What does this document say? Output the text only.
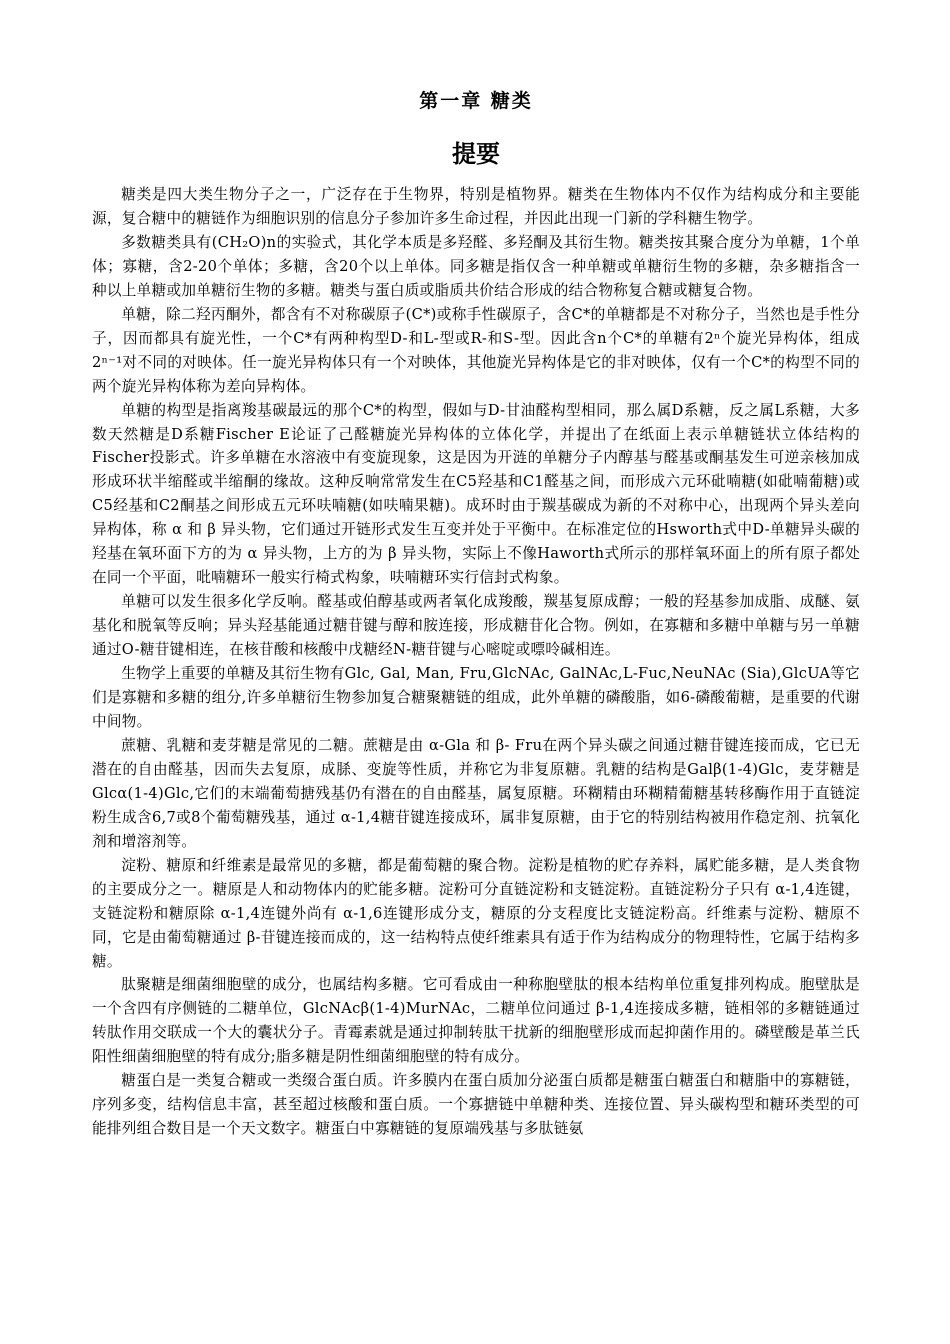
第一章 糖类
提要

糖类是四大类生物分子之一，广泛存在于生物界，特别是植物界。糖类在生物体内不仅作为结构成分和主要能源，复合糖中的糖链作为细胞识别的信息分子参加许多生命过程，并因此出现一门新的学科糖生物学。

多数糖类具有(CH₂O)n的实验式，其化学本质是多羟醛、多羟酮及其衍生物。糖类按其聚合度分为单糖，1个单体；寡糖，含2-20个单体；多糖，含20个以上单体。同多糖是指仅含一种单糖或单糖衍生物的多糖，杂多糖指含一种以上单糖或加单糖衍生物的多糖。糖类与蛋白质或脂质共价结合形成的结合物称复合糖或糖复合物。

单糖，除二羟丙酮外，都含有不对称碳原子(C*)或称手性碳原子，含C*的单糖都是不对称分子，当然也是手性分子，因而都具有旋光性，一个C*有两种构型D-和L-型或R-和S-型。因此含n个C*的单糖有2ⁿ个旋光异构体，组成2ⁿ⁻¹对不同的对映体。任一旋光异构体只有一个对映体，其他旋光异构体是它的非对映体，仅有一个C*的构型不同的两个旋光异构体称为差向异构体。

单糖的构型是指离羧基碳最远的那个C*的构型，假如与D-甘油醛构型相同，那么属D系糖，反之属L系糖，大多数天然糖是D系糖Fischer E论证了己醛糖旋光异构体的立体化学，并提出了在纸面上表示单糖链状立体结构的Fischer投影式。许多单糖在水溶液中有变旋现象，这是因为开涟的单糖分子内醇基与醛基或酮基发生可逆亲核加成形成环状半缩醛或半缩酮的缘故。这种反响常常发生在C5羟基和C1醛基之间，而形成六元环砒喃糖(如砒喃葡糖)或C5经基和C2酮基之间形成五元环呋喃糖(如呋喃果糖)。成环时由于羰基碳成为新的不对称中心，出现两个异头差向异构体，称 α 和 β 异头物，它们通过开链形式发生互变并处于平衡中。在标准定位的Hsworth式中D-单糖异头碳的羟基在氧环面下方的为 α 异头物，上方的为 β 异头物，实际上不像Haworth式所示的那样氧环面上的所有原子都处在同一个平面，吡喃糖环一般实行椅式构象，呋喃糖环实行信封式构象。

单糖可以发生很多化学反响。醛基或伯醇基或两者氧化成羧酸，羰基复原成醇；一般的羟基参加成脂、成醚、氨基化和脱氧等反响；异头羟基能通过糖苷键与醇和胺连接，形成糖苷化合物。例如，在寡糖和多糖中单糖与另一单糖通过O-糖苷键相连，在核苷酸和核酸中戊糖经N-糖苷键与心嘧啶或嘌呤碱相连。

生物学上重要的单糖及其衍生物有Glc, Gal, Man, Fru,GlcNAc, GalNAc,L-Fuc,NeuNAc (Sia),GlcUA等它们是寡糖和多糖的组分,许多单糖衍生物参加复合糖聚糖链的组成，此外单糖的磷酸脂，如6-磷酸葡糖，是重要的代谢中间物。

蔗糖、乳糖和麦芽糖是常见的二糖。蔗糖是由 α-Gla 和 β- Fru在两个异头碳之间通过糖苷键连接而成，它已无潜在的自由醛基，因而失去复原，成脎、变旋等性质，并称它为非复原糖。乳糖的结构是Galβ(1-4)Glc，麦芽糖是Glcα(1-4)Glc,它们的末端葡萄搪残基仍有潜在的自由醛基，属复原糖。环糊精由环糊精葡糖基转移酶作用于直链淀粉生成含6,7或8个葡萄糖残基，通过 α-1,4糖苷键连接成环，属非复原糖，由于它的特别结构被用作稳定剂、抗氧化剂和增溶剂等。

淀粉、糖原和纤维素是最常见的多糖，都是葡萄糖的聚合物。淀粉是植物的贮存养料，属贮能多糖，是人类食物的主要成分之一。糖原是人和动物体内的贮能多糖。淀粉可分直链淀粉和支链淀粉。直链淀粉分子只有 α-1,4连键，支链淀粉和糖原除 α-1,4连键外尚有 α-1,6连键形成分支，糖原的分支程度比支链淀粉高。纤维素与淀粉、糖原不同，它是由葡萄糖通过 β-苷键连接而成的，这一结构特点使纤维素具有适于作为结构成分的物理特性，它属于结构多糖。

肽聚糖是细菌细胞壁的成分，也属结构多糖。它可看成由一种称胞壁肽的根本结构单位重复排列构成。胞壁肽是一个含四有序侧链的二糖单位，GlcNAcβ(1-4)MurNAc，二糖单位问通过 β-1,4连接成多糖，链相邻的多糖链通过转肽作用交联成一个大的囊状分子。青霉素就是通过抑制转肽干扰新的细胞壁形成而起抑菌作用的。磷壁酸是革兰氏阳性细菌细胞壁的特有成分;脂多糖是阴性细菌细胞壁的特有成分。

糖蛋白是一类复合糖或一类缀合蛋白质。许多膜内在蛋白质加分泌蛋白质都是糖蛋白糖蛋白和糖脂中的寡糖链，序列多变，结构信息丰富，甚至超过核酸和蛋白质。一个寡搪链中单糖种类、连接位置、异头碳构型和糖环类型的可能排列组合数目是一个天文数字。糖蛋白中寡糖链的复原端残基与多肽链氨
